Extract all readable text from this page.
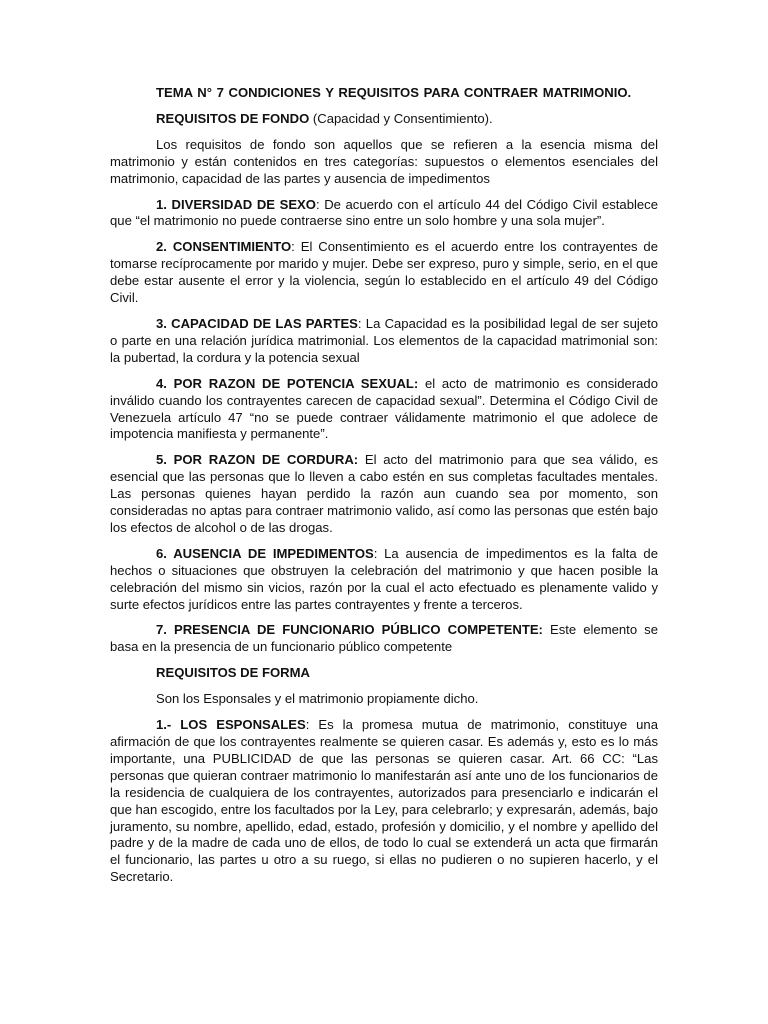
TEMA N° 7 CONDICIONES Y REQUISITOS PARA CONTRAER MATRIMONIO.

REQUISITOS DE FONDO (Capacidad y Consentimiento).

Los requisitos de fondo son aquellos que se refieren a la esencia misma del matrimonio y están contenidos en tres categorías: supuestos o elementos esenciales del matrimonio, capacidad de las partes y ausencia de impedimentos

1. DIVERSIDAD DE SEXO: De acuerdo con el artículo 44 del Código Civil establece que “el matrimonio no puede contraerse sino entre un solo hombre y una sola mujer”.

2. CONSENTIMIENTO: El Consentimiento es el acuerdo entre los contrayentes de tomarse recíprocamente por marido y mujer. Debe ser expreso, puro y simple, serio, en el que debe estar ausente el error y la violencia, según lo establecido en el artículo 49 del Código Civil.

3. CAPACIDAD DE LAS PARTES: La Capacidad es la posibilidad legal de ser sujeto o parte en una relación jurídica matrimonial. Los elementos de la capacidad matrimonial son: la pubertad, la cordura y la potencia sexual

4. POR RAZON DE POTENCIA SEXUAL: el acto de matrimonio es considerado inválido cuando los contrayentes carecen de capacidad sexual”. Determina el Código Civil de Venezuela artículo 47 “no se puede contraer válidamente matrimonio el que adolece de impotencia manifiesta y permanente”.

5. POR RAZON DE CORDURA: El acto del matrimonio para que sea válido, es esencial que las personas que lo lleven a cabo estén en sus completas facultades mentales. Las personas quienes hayan perdido la razón aun cuando sea por momento, son consideradas no aptas para contraer matrimonio valido, así como las personas que estén bajo los efectos de alcohol o de las drogas.

6. AUSENCIA DE IMPEDIMENTOS: La ausencia de impedimentos es la falta de hechos o situaciones que obstruyen la celebración del matrimonio y que hacen posible la celebración del mismo sin vicios, razón por la cual el acto efectuado es plenamente valido y surte efectos jurídicos entre las partes contrayentes y frente a terceros.

7. PRESENCIA DE FUNCIONARIO PÚBLICO COMPETENTE: Este elemento se basa en la presencia de un funcionario público competente

REQUISITOS DE FORMA

Son los Esponsales y el matrimonio propiamente dicho.

1.- LOS ESPONSALES: Es la promesa mutua de matrimonio, constituye una afirmación de que los contrayentes realmente se quieren casar. Es además y, esto es lo más importante, una PUBLICIDAD de que las personas se quieren casar. Art. 66 CC: “Las personas que quieran contraer matrimonio lo manifestarán así ante uno de los funcionarios de la residencia de cualquiera de los contrayentes, autorizados para presenciarlo e indicarán el que han escogido, entre los facultados por la Ley, para celebrarlo; y expresarán, además, bajo juramento, su nombre, apellido, edad, estado, profesión y domicilio, y el nombre y apellido del padre y de la madre de cada uno de ellos, de todo lo cual se extenderá un acta que firmarán el funcionario, las partes u otro a su ruego, si ellas no pudieren o no supieren hacerlo, y el Secretario.
